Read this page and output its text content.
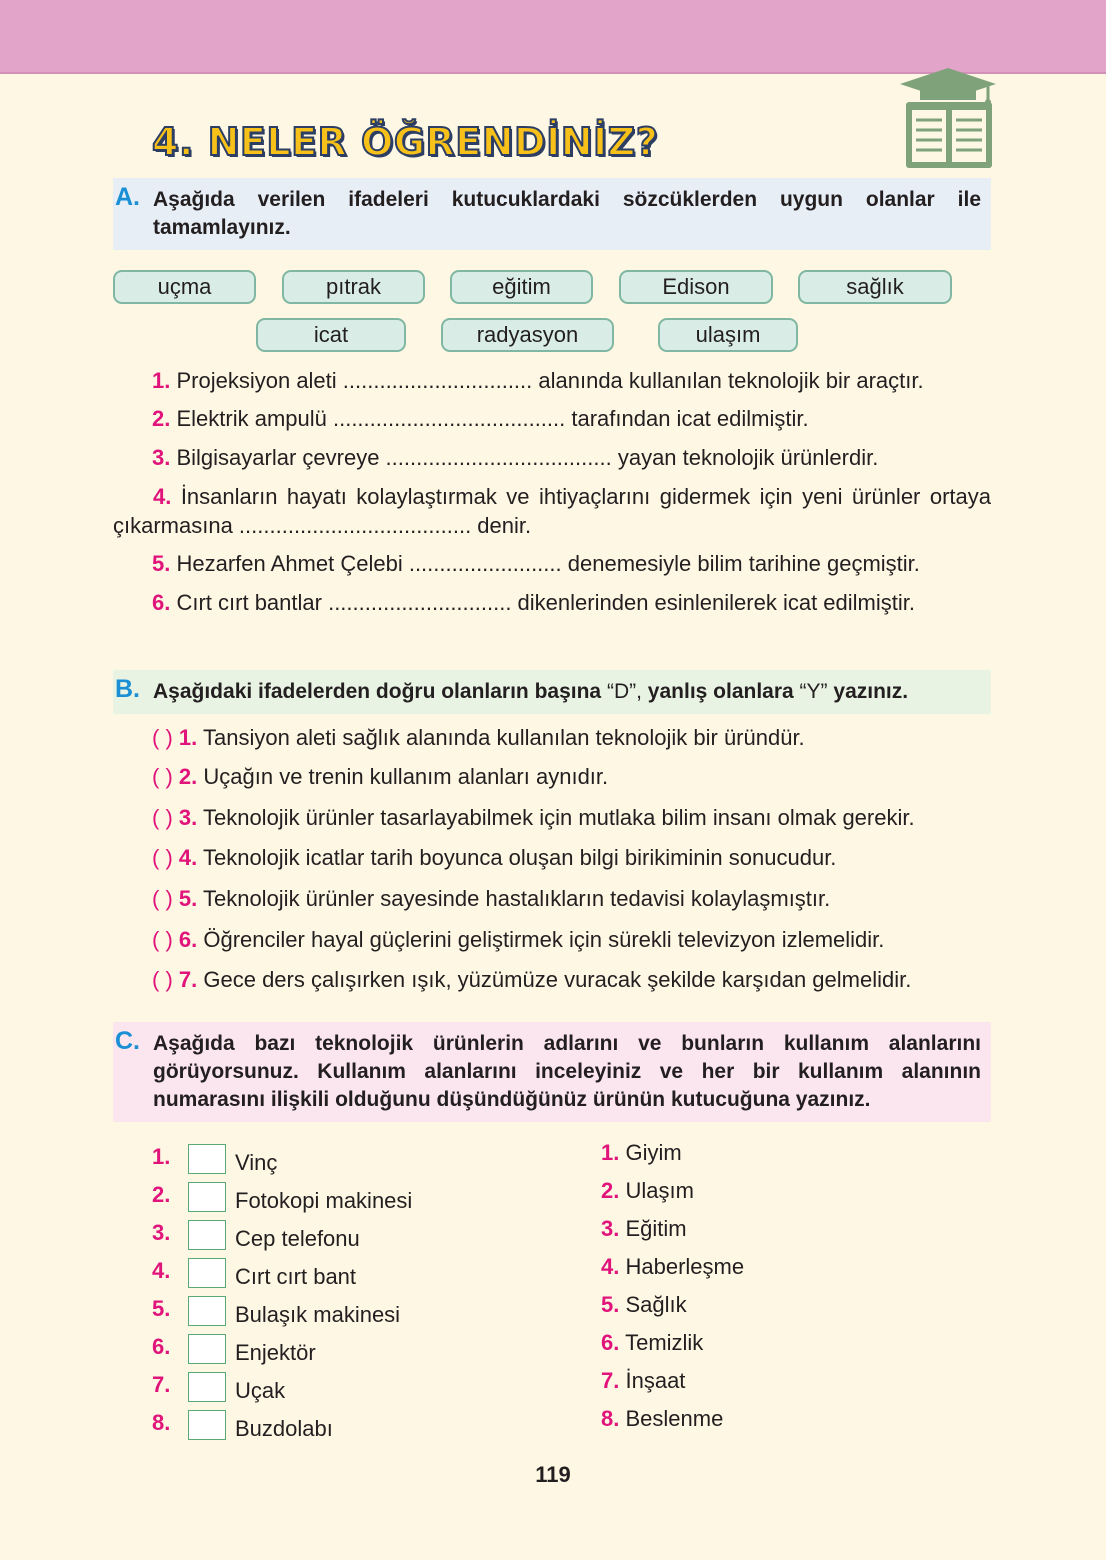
4. NELER ÖĞRENDİNİZ?
A. Aşağıda verilen ifadeleri kutucuklardaki sözcüklerden uygun olanlar ile tamamlayınız.
uçma	pıtrak	eğitim	Edison	sağlık
icat	radyasyon	ulaşım
1. Projeksiyon aleti ............................... alanında kullanılan teknolojik bir araçtır.
2. Elektrik ampulü ...................................... tarafından icat edilmiştir.
3. Bilgisayarlar çevreye ..................................... yayan teknolojik ürünlerdir.
4. İnsanların hayatı kolaylaştırmak ve ihtiyaçlarını gidermek için yeni ürünler ortaya çıkarmasına ...................................... denir.
5. Hezarfen Ahmet Çelebi ......................... denemesiyle bilim tarihine geçmiştir.
6. Cırt cırt bantlar .............................. dikenlerinden esinlenilerek icat edilmiştir.
B. Aşağıdaki ifadelerden doğru olanların başına “D”, yanlış olanlara “Y” yazınız.
( ) 1. Tansiyon aleti sağlık alanında kullanılan teknolojik bir üründür.
( ) 2. Uçağın ve trenin kullanım alanları aynıdır.
( ) 3. Teknolojik ürünler tasarlayabilmek için mutlaka bilim insanı olmak gerekir.
( ) 4. Teknolojik icatlar tarih boyunca oluşan bilgi birikiminin sonucudur.
( ) 5. Teknolojik ürünler sayesinde hastalıkların tedavisi kolaylaşmıştır.
( ) 6. Öğrenciler hayal güçlerini geliştirmek için sürekli televizyon izlemelidir.
( ) 7. Gece ders çalışırken ışık, yüzümüze vuracak şekilde karşıdan gelmelidir.
C. Aşağıda bazı teknolojik ürünlerin adlarını ve bunların kullanım alanlarını görüyorsunuz. Kullanım alanlarını inceleyiniz ve her bir kullanım alanının numarasını ilişkili olduğunu düşündüğünüz ürünün kutucuğuna yazınız.
1.	Vinç
2.	Fotokopi makinesi
3.	Cep telefonu
4.	Cırt cırt bant
5.	Bulaşık makinesi
6.	Enjektör
7.	Uçak
8.	Buzdolabı
1. Giyim
2. Ulaşım
3. Eğitim
4. Haberleşme
5. Sağlık
6. Temizlik
7. İnşaat
8. Beslenme
119
